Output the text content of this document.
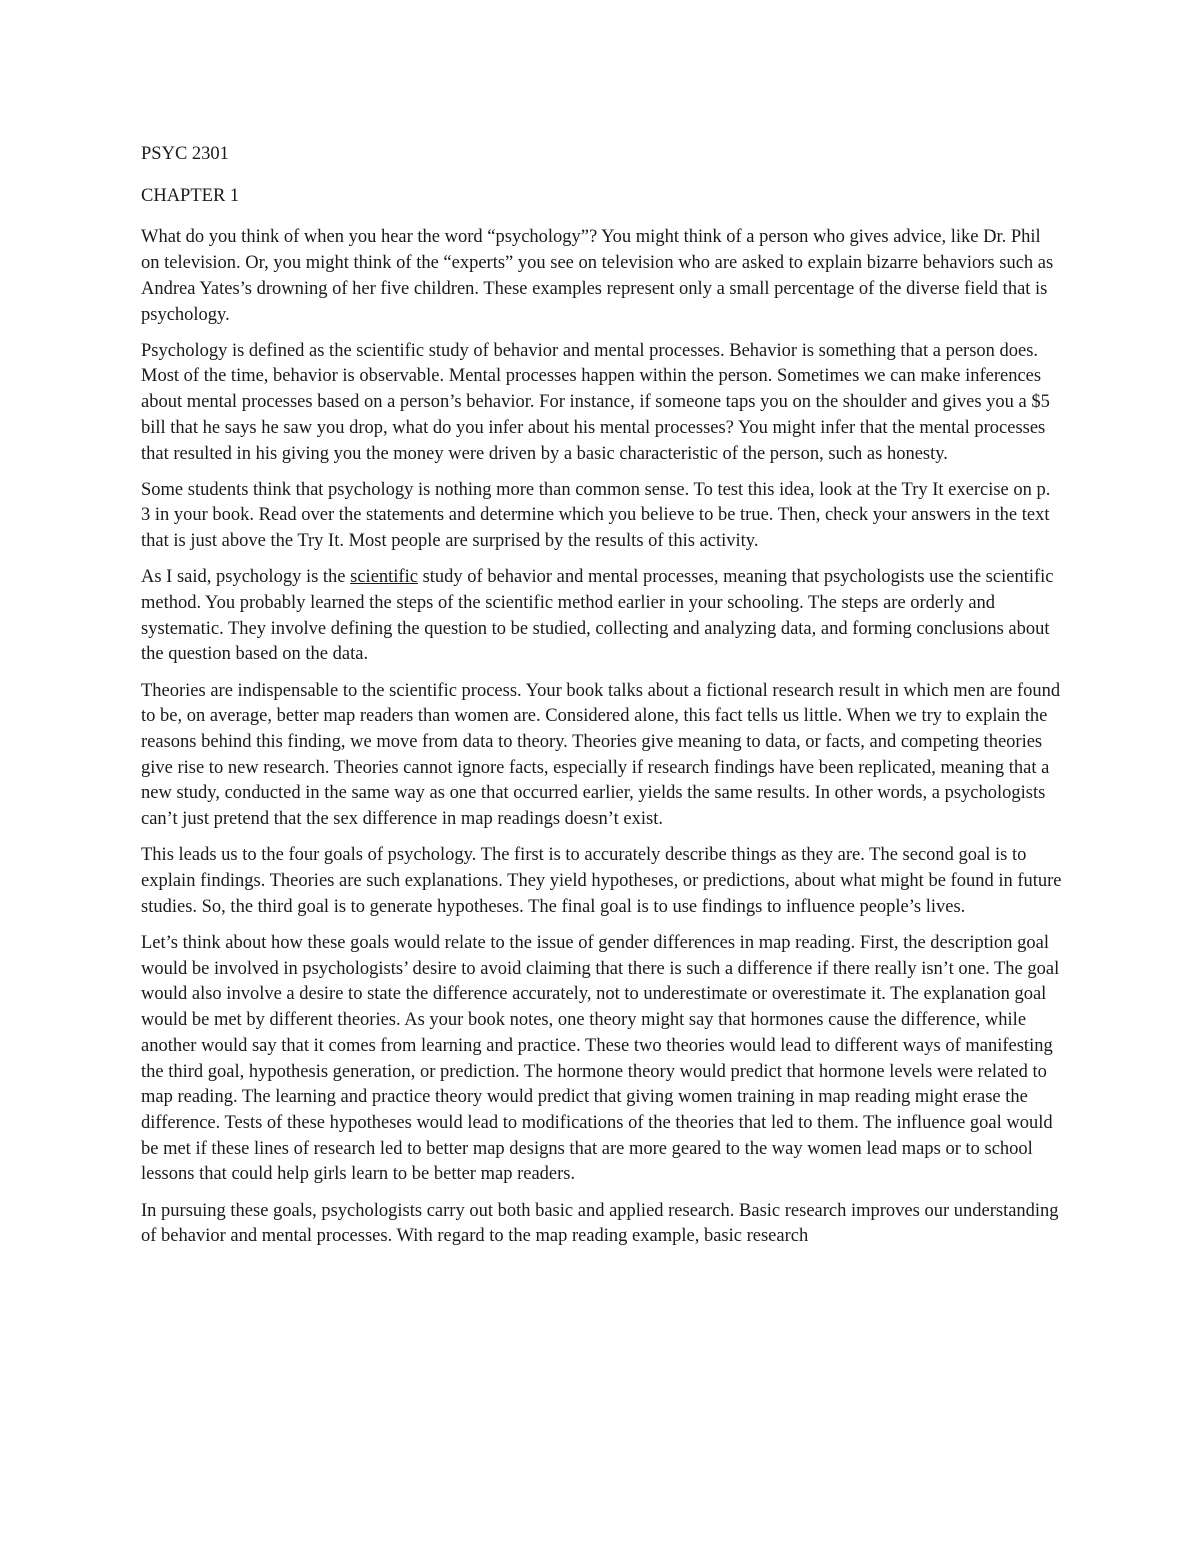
PSYC 2301

CHAPTER 1

What do you think of when you hear the word “psychology”? You might think of a person who gives advice, like Dr. Phil on television. Or, you might think of the “experts” you see on television who are asked to explain bizarre behaviors such as Andrea Yates’s drowning of her five children. These examples represent only a small percentage of the diverse field that is psychology.

Psychology is defined as the scientific study of behavior and mental processes. Behavior is something that a person does. Most of the time, behavior is observable. Mental processes happen within the person. Sometimes we can make inferences about mental processes based on a person’s behavior. For instance, if someone taps you on the shoulder and gives you a $5 bill that he says he saw you drop, what do you infer about his mental processes? You might infer that the mental processes that resulted in his giving you the money were driven by a basic characteristic of the person, such as honesty.

Some students think that psychology is nothing more than common sense. To test this idea, look at the Try It exercise on p. 3 in your book. Read over the statements and determine which you believe to be true. Then, check your answers in the text that is just above the Try It. Most people are surprised by the results of this activity.

As I said, psychology is the scientific study of behavior and mental processes, meaning that psychologists use the scientific method. You probably learned the steps of the scientific method earlier in your schooling. The steps are orderly and systematic. They involve defining the question to be studied, collecting and analyzing data, and forming conclusions about the question based on the data.

Theories are indispensable to the scientific process. Your book talks about a fictional research result in which men are found to be, on average, better map readers than women are. Considered alone, this fact tells us little. When we try to explain the reasons behind this finding, we move from data to theory. Theories give meaning to data, or facts, and competing theories give rise to new research. Theories cannot ignore facts, especially if research findings have been replicated, meaning that a new study, conducted in the same way as one that occurred earlier, yields the same results. In other words, a psychologists can’t just pretend that the sex difference in map readings doesn’t exist.

This leads us to the four goals of psychology. The first is to accurately describe things as they are. The second goal is to explain findings. Theories are such explanations. They yield hypotheses, or predictions, about what might be found in future studies. So, the third goal is to generate hypotheses. The final goal is to use findings to influence people’s lives.

Let’s think about how these goals would relate to the issue of gender differences in map reading. First, the description goal would be involved in psychologists’ desire to avoid claiming that there is such a difference if there really isn’t one. The goal would also involve a desire to state the difference accurately, not to underestimate or overestimate it. The explanation goal would be met by different theories. As your book notes, one theory might say that hormones cause the difference, while another would say that it comes from learning and practice. These two theories would lead to different ways of manifesting the third goal, hypothesis generation, or prediction. The hormone theory would predict that hormone levels were related to map reading. The learning and practice theory would predict that giving women training in map reading might erase the difference. Tests of these hypotheses would lead to modifications of the theories that led to them. The influence goal would be met if these lines of research led to better map designs that are more geared to the way women lead maps or to school lessons that could help girls learn to be better map readers.

In pursuing these goals, psychologists carry out both basic and applied research. Basic research improves our understanding of behavior and mental processes. With regard to the map reading example, basic research
